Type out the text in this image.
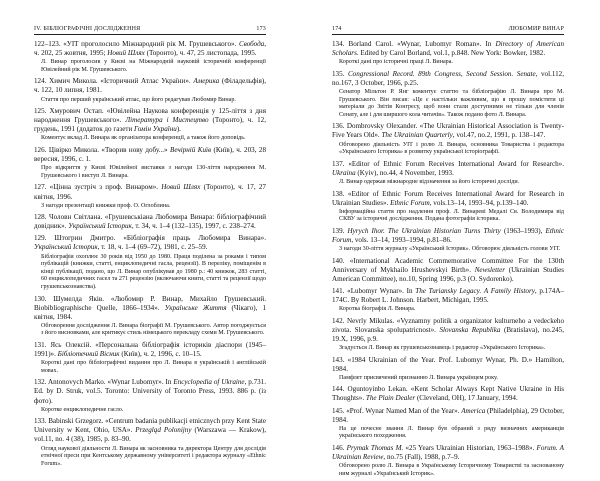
IV. БІБЛІОГРАФІЧНІ ДОСЛІДЖЕННЯ	173
122–123. «УІТ проголосило Міжнародний рік М. Грушевського». Свобода, ч. 202, 25 жовтня, 1995; Новий Шлях (Торонто), ч. 47, 25 листопада, 1995.
Л. Винар проголосив у Києві на Міжнародній науковій історичній конференції Ювілейний рік М. Грушевського.
124. Химич Микола. «Історичний Атлас України». Америка (Філадельфія), ч. 122, 10 липня, 1981.
Стаття про перший український атлас, що його редагував Любомир Винар.
125. Хмурович Остап. «Ювілейна Наукова конференція у 125-ліття з дня народження Грушевського». Література і Мистецтво (Торонто), ч. 12, грудень, 1991 (додаток до газети Гомін України).
Коментує вклад Л. Винара як організатора конференції, а також його доповідь.
126. Цівірко Микола. «Творив нову добу...» Вечірній Київ (Київ), ч. 203, 28 вересня, 1996, с. 1.
Про відкриття у Києві Ювілейної виставки з нагоди 130-ліття народження М. Грушевського і виступ Л. Винара.
127. «Цінна зустріч з проф. Винаром». Новий Шлях (Торонто), ч. 17, 27 квітня, 1996.
З нагоди презентації книжки проф. О. Оглоблина.
128. Чоловн Світлана. «Грушевськіана Любомира Винара: бібліографічний довідник». Український Історик, т. 34, ч. 1–4 (132–135), 1997, с. 238–274.
129. Штогрин Дмитро. «Бібліографія праць Любомира Винара». Український Історик, т. 18, ч. 1–4 (69–72), 1981, с. 25–59.
Бібліографія охоплює 30 років від 1950 до 1980. Праця поділена за роками і типом публікацій (книжки, статті, енциклопедичні гасла, рецензії). В переліку, поміщенім в кінці публікації, подано, що Л. Винар опублікував до 1980 р.: 40 книжок, 283 статті, 60 енциклопедичних гасел та 271 рецензію (включаючи книги, статті та рецензії щодо грушевськознавства).
130. Шумелда Яків. «Любомир Р. Винар, Михайло Грушевський. Biobibliographische Quelle, 1866–1934». Українське Життя (Чікаго), 1 квітня, 1984.
Обговорення дослідження Л. Винара біографії М. Грушевського. Автор погоджується з його висновками, але критикує стиль німецького перекладу схеми М. Грушевського.
131. Ясь Олексій. «Персональна бібліографія істориків діаспори (1945–1991)». Бібліотечний Вісник (Київ), ч. 2, 1996, с. 10–15.
Короткі дані про бібліографічні видання про Л. Винара в українській і англійській мовах.
132. Antonovych Marko. «Wynar Lubomyr». In Encyclopedia of Ukraine, p.731. Ed. by D. Struk, vol.5. Toronto: University of Toronto Press, 1993. 886 p. (із фото).
Коротке енциклопедичне гасло.
133. Babinski Grzegorz. «Centrum badania publikacji etnicznych przy Kent State University w Kent, Ohio, USA». Przegląd Polonijny (Warszawa — Krakow), vol.11, no. 4 (38), 1985, p. 83–90.
Огляд наукової діяльности Л. Винара як засновника та директора Центру для дослідів етнічної преси при Кентському державному університеті і редактора журналу «Ethnic Forum».
174	ЛЮБОМИР ВИНАР
134. Borland Carol. «Wynar, Lubomyr Roman». In Directory of American Scholars. Edited by Carol Borland, vol.1, p.848. New York: Bowker, 1982.
Короткі дані про історичні праці Л. Винара.
135. Congressional Record. 89th Congress, Second Session. Senate, vol.112, no.167, 3 October, 1966, p.25.
Сенатор Мільтон Р. Янг коментує статтю та бібліографію Л. Винара про М. Грушевського. Він писав: «Це є настільки важливим, що я прошу помістити ці матеріали до Звітів Конгресу, щоб вони стали доступними не тільки для членів Сенату, але і для ширшого кола читачів». Також подано фото Л. Винара.
136. Dombrovsky Olexander. «The Ukrainian Historical Association is Twenty-Five Years Old». The Ukrainian Quarterly, vol.47, no.2, 1991, p. 138–147.
Обговорено діяльність УІТ і ролю Л. Винара, основника Товариства і редактора «Українського Історика» в розвитку української історіографії.
137. «Editor of Ethnic Forum Receives International Award for Research». Ukraina (Kyiv), no.44, 4 November, 1993.
Л. Винар одержав міжнародне відзначення за його історичні досліди.
138. «Editor of Ethnic Forum Receives International Award for Research in Ukrainian Studies». Ethnic Forum, vols.13–14, 1993–94, p.139–140.
Інформаційна стаття про надлення проф. Л. Винареві Медалі Св. Володимира від СКВУ за історичні дослідження. Подана фотографія історика.
139. Hyrych Ihor. The Ukrainian Historian Turns Thirty (1963–1993), Ethnic Forum, vols. 13–14, 1993–1994, p.81–86.
З нагоди 30-ліття журналу «Український Історик». Обговорює діяльність голови УІТ.
140. «International Academic Commemorative Committee For the 130th Anniversary of Mykhailo Hrushevskyi Birth». Newsletter (Ukrainian Studies American Committee), no.10, Spring 1996, p.3 (O. Sydorenko).
141. «Lubomyr Wynar». In The Turiansky Legacy. A Family History, p.174A–174C. By Robert L. Johnson. Harbert, Michigan, 1995.
Коротка біографія Л. Винара.
142. Nevrly Mikulas. «Vyznamny politik a organizator kulturneho a vedeckeho zivota. Slovanska spolupatricnost». Slovanska Republika (Bratislava), no.245, 19.X, 1996, p.9.
Згадується Л. Винар як грушевськознавець і редактор «Українського Історика».
143. «1984 Ukrainian of the Year. Prof. Lubomyr Wynar, Ph. D.» Hamilton, 1984.
Памфлет присвячений признанню Л. Винара українцем року.
144. Oguntoyinbo Lekan. «Kent Scholar Always Kept Native Ukraine in His Thoughts». The Plain Dealer (Cleveland, OH), 17 January, 1994.
145. «Prof. Wynar Named Man of the Year». America (Philadelphia), 29 October, 1984.
На це почесне звання Л. Винар був обраний з ряду визначних американців українського походження.
146. Prymak Thomas M. «25 Years Ukrainian Historian, 1963–1988». Forum. A Ukrainian Review, no.75 (Fall), 1988, p.7–9.
Обговорено ролю Л. Винара в Українському Історичному Товаристві та заснованому ним журналі «Український Історик».
